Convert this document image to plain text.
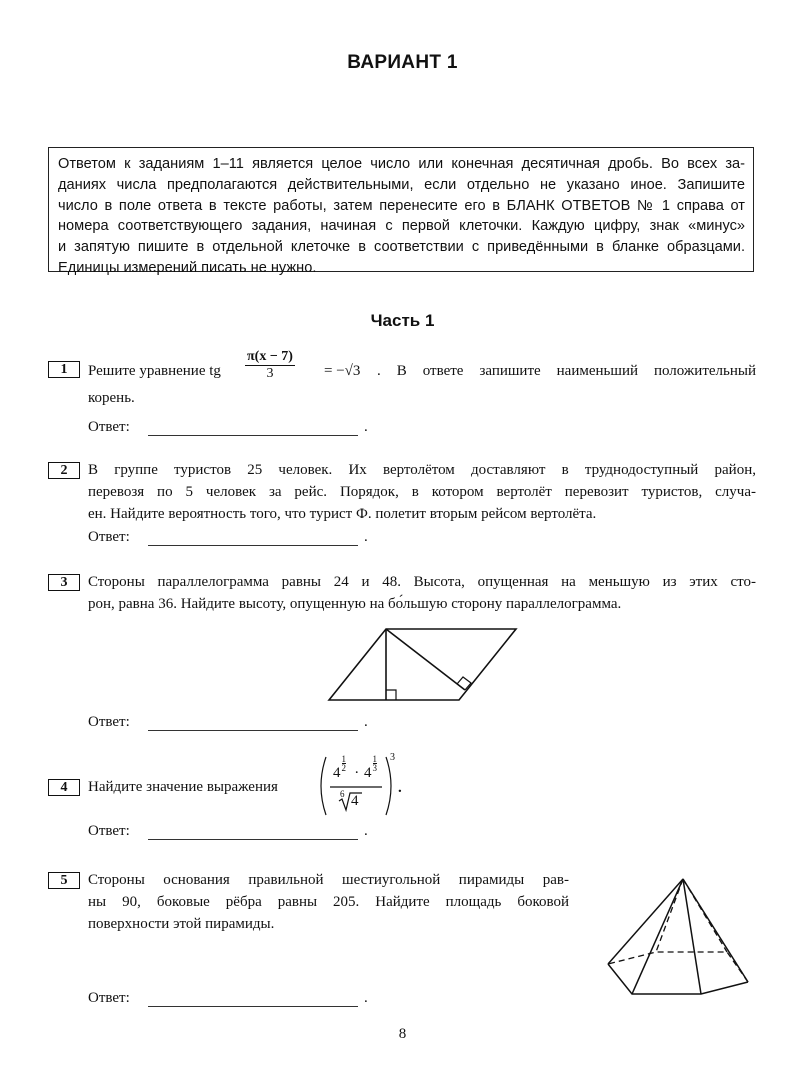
ВАРИАНТ 1
Ответом к заданиям 1–11 является целое число или конечная десятичная дробь. Во всех за-
даниях числа предполагаются действительными, если отдельно не указано иное. Запишите
число в поле ответа в тексте работы, затем перенесите его в БЛАНК ОТВЕТОВ № 1 справа от
номера соответствующего задания, начиная с первой клеточки. Каждую цифру, знак «минус»
и запятую пишите в отдельной клеточке в соответствии с приведёнными в бланке образцами.
Единицы измерений писать не нужно.
Часть 1
1	Решите уравнение tg $\frac{\pi(x - 7)}{3} = -√3$ . В ответе запишите наименьший положительный
корень.
Ответ:	.
2	В группе туристов 25 человек. Их вертолётом доставляют в труднодоступный район,
перевозя по 5 человек за рейс. Порядок, в котором вертолёт перевозит туристов, случа-
ен. Найдите вероятность того, что турист Ф. полетит вторым рейсом вертолёта.
Ответ:	.
3	Стороны параллелограмма равны 24 и 48. Высота, опущенная на меньшую из этих сто-
рон, равна 36. Найдите высоту, опущенную на бо́льшую сторону параллелограмма.
Ответ:	.
4	Найдите значение выражения
4
$\frac{1}{2}$
· 4
$\frac{1}{3}$
6 4
3
.
Ответ:	.
5	Стороны основания правильной шестиугольной пирамиды рав-
ны 90, боковые рёбра равны 205. Найдите площадь боковой
поверхности этой пирамиды.
Ответ:	.
8
